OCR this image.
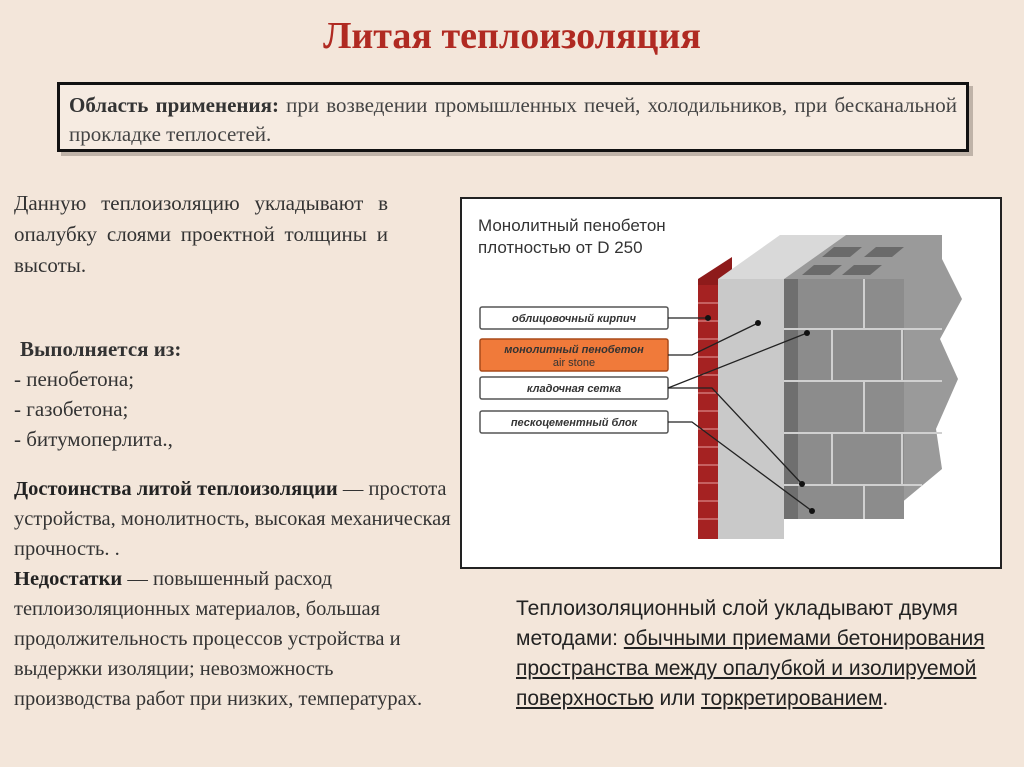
Литая теплоизоляция
Область применения: при возведении промышленных печей, холодильников, при бесканальной прокладке теплосетей.
Данную теплоизоляцию укладывают в опалубку слоями проектной толщины и высоты.
Выполняется из:
- пенобетона;
- газобетона;
- битумоперлита.,
Достоинства литой теплоизоляции — простота устройства, монолитность, высокая механическая прочность. .
Недостатки — повышенный расход теплоизоляционных материалов, большая продолжительность процессов устройства и выдержки изоляции; невозможность производства работ при низких, температурах.
Теплоизоляционный слой укладывают двумя методами: обычными приемами бетонирования пространства между опалубкой и изолируемой поверхностью или торкретированием.
Монолитный пенобетон
плотностью от D 250
облицовочный кирпич
монолитный пенобетон
air stone
кладочная сетка
пескоцементный блок
